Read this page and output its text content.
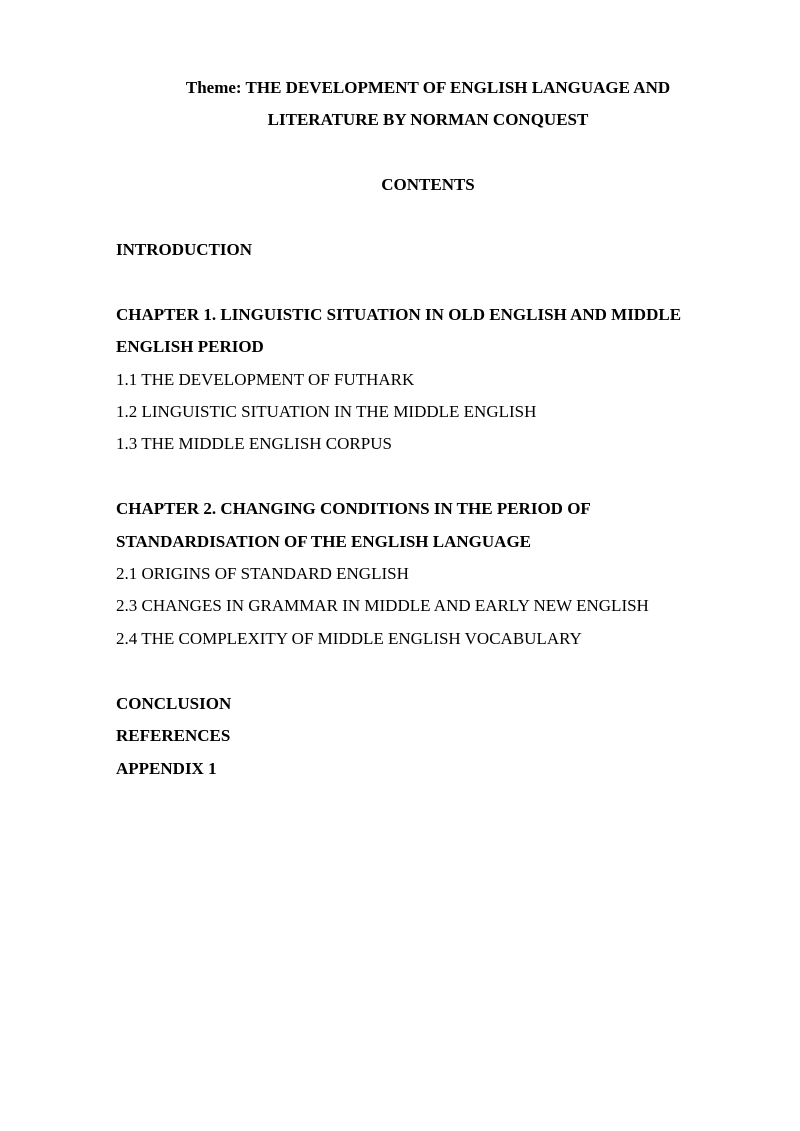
Theme: THE DEVELOPMENT OF ENGLISH LANGUAGE AND
LITERATURE BY NORMAN CONQUEST
CONTENTS
INTRODUCTION
CHAPTER 1. LINGUISTIC SITUATION IN OLD ENGLISH AND MIDDLE
ENGLISH PERIOD
1.1 THE DEVELOPMENT OF FUTHARK
1.2 LINGUISTIC SITUATION IN THE MIDDLE ENGLISH
1.3 THE MIDDLE ENGLISH CORPUS
CHAPTER 2. CHANGING CONDITIONS IN THE PERIOD OF
STANDARDISATION OF THE ENGLISH LANGUAGE
2.1 ORIGINS OF STANDARD ENGLISH
2.3 CHANGES IN GRAMMAR IN MIDDLE AND EARLY NEW ENGLISH
2.4 THE COMPLEXITY OF MIDDLE ENGLISH VOCABULARY
CONCLUSION
REFERENCES
APPENDIX 1
